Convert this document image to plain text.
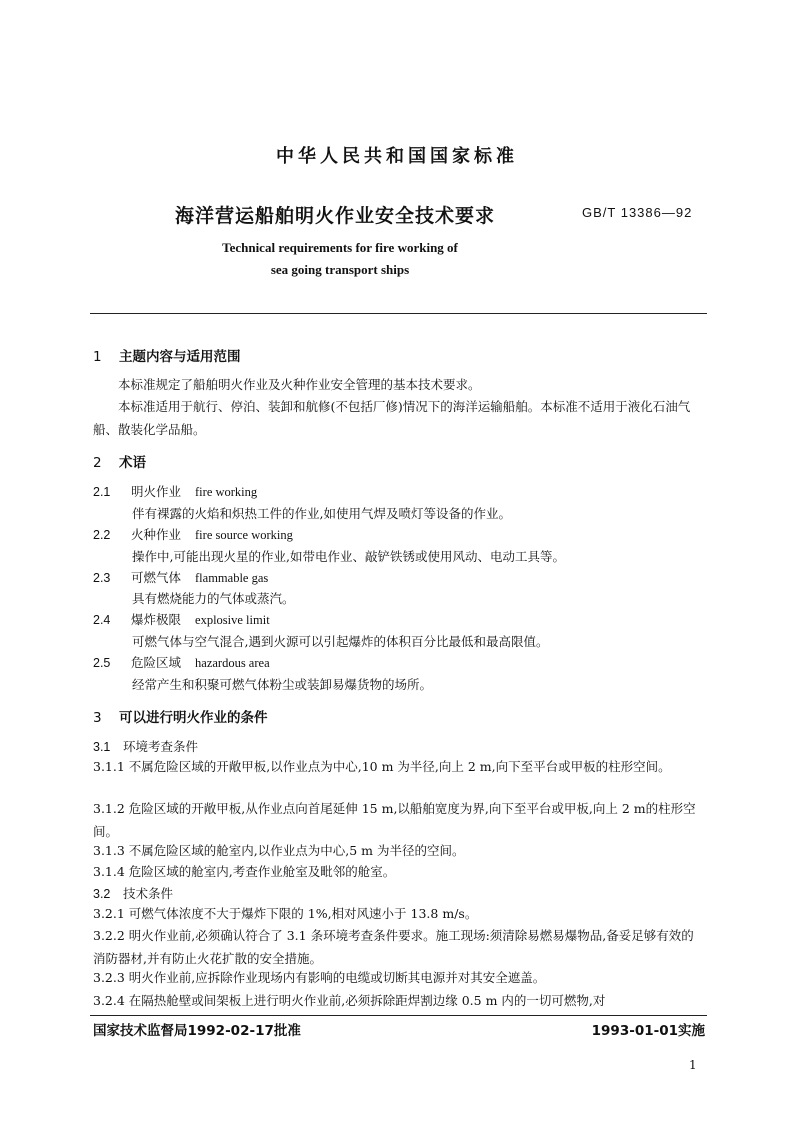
中华人民共和国国家标准
海洋营运船舶明火作业安全技术要求	GB/T 13386—92
Technical requirements for fire working of
sea going transport ships
1 主题内容与适用范围
本标准规定了船舶明火作业及火种作业安全管理的基本技术要求。
本标准适用于航行、停泊、装卸和航修(不包括厂修)情况下的海洋运输船舶。本标准不适用于液化石油气船、散装化学品船。
2 术语
2.1 明火作业 fire working
伴有裸露的火焰和炽热工件的作业,如使用气焊及喷灯等设备的作业。
2.2 火种作业 fire source working
操作中,可能出现火星的作业,如带电作业、敲铲铁锈或使用风动、电动工具等。
2.3 可燃气体 flammable gas
具有燃烧能力的气体或蒸汽。
2.4 爆炸极限 explosive limit
可燃气体与空气混合,遇到火源可以引起爆炸的体积百分比最低和最高限值。
2.5 危险区域 hazardous area
经常产生和积聚可燃气体粉尘或装卸易爆货物的场所。
3 可以进行明火作业的条件
3.1 环境考查条件
3.1.1 不属危险区域的开敞甲板,以作业点为中心,10 m 为半径,向上 2 m,向下至平台或甲板的柱形空间。
3.1.2 危险区域的开敞甲板,从作业点向首尾延伸 15 m,以船舶宽度为界,向下至平台或甲板,向上 2 m的柱形空间。
3.1.3 不属危险区域的舱室内,以作业点为中心,5 m 为半径的空间。
3.1.4 危险区域的舱室内,考查作业舱室及毗邻的舱室。
3.2 技术条件
3.2.1 可燃气体浓度不大于爆炸下限的 1%,相对风速小于 13.8 m/s。
3.2.2 明火作业前,必须确认符合了 3.1 条环境考查条件要求。施工现场:须清除易燃易爆物品,备妥足够有效的消防器材,并有防止火花扩散的安全措施。
3.2.3 明火作业前,应拆除作业现场内有影响的电缆或切断其电源并对其安全遮盖。
3.2.4 在隔热舱壁或间架板上进行明火作业前,必须拆除距焊割边缘 0.5 m 内的一切可燃物,对
国家技术监督局1992-02-17批准	1993-01-01实施
1
